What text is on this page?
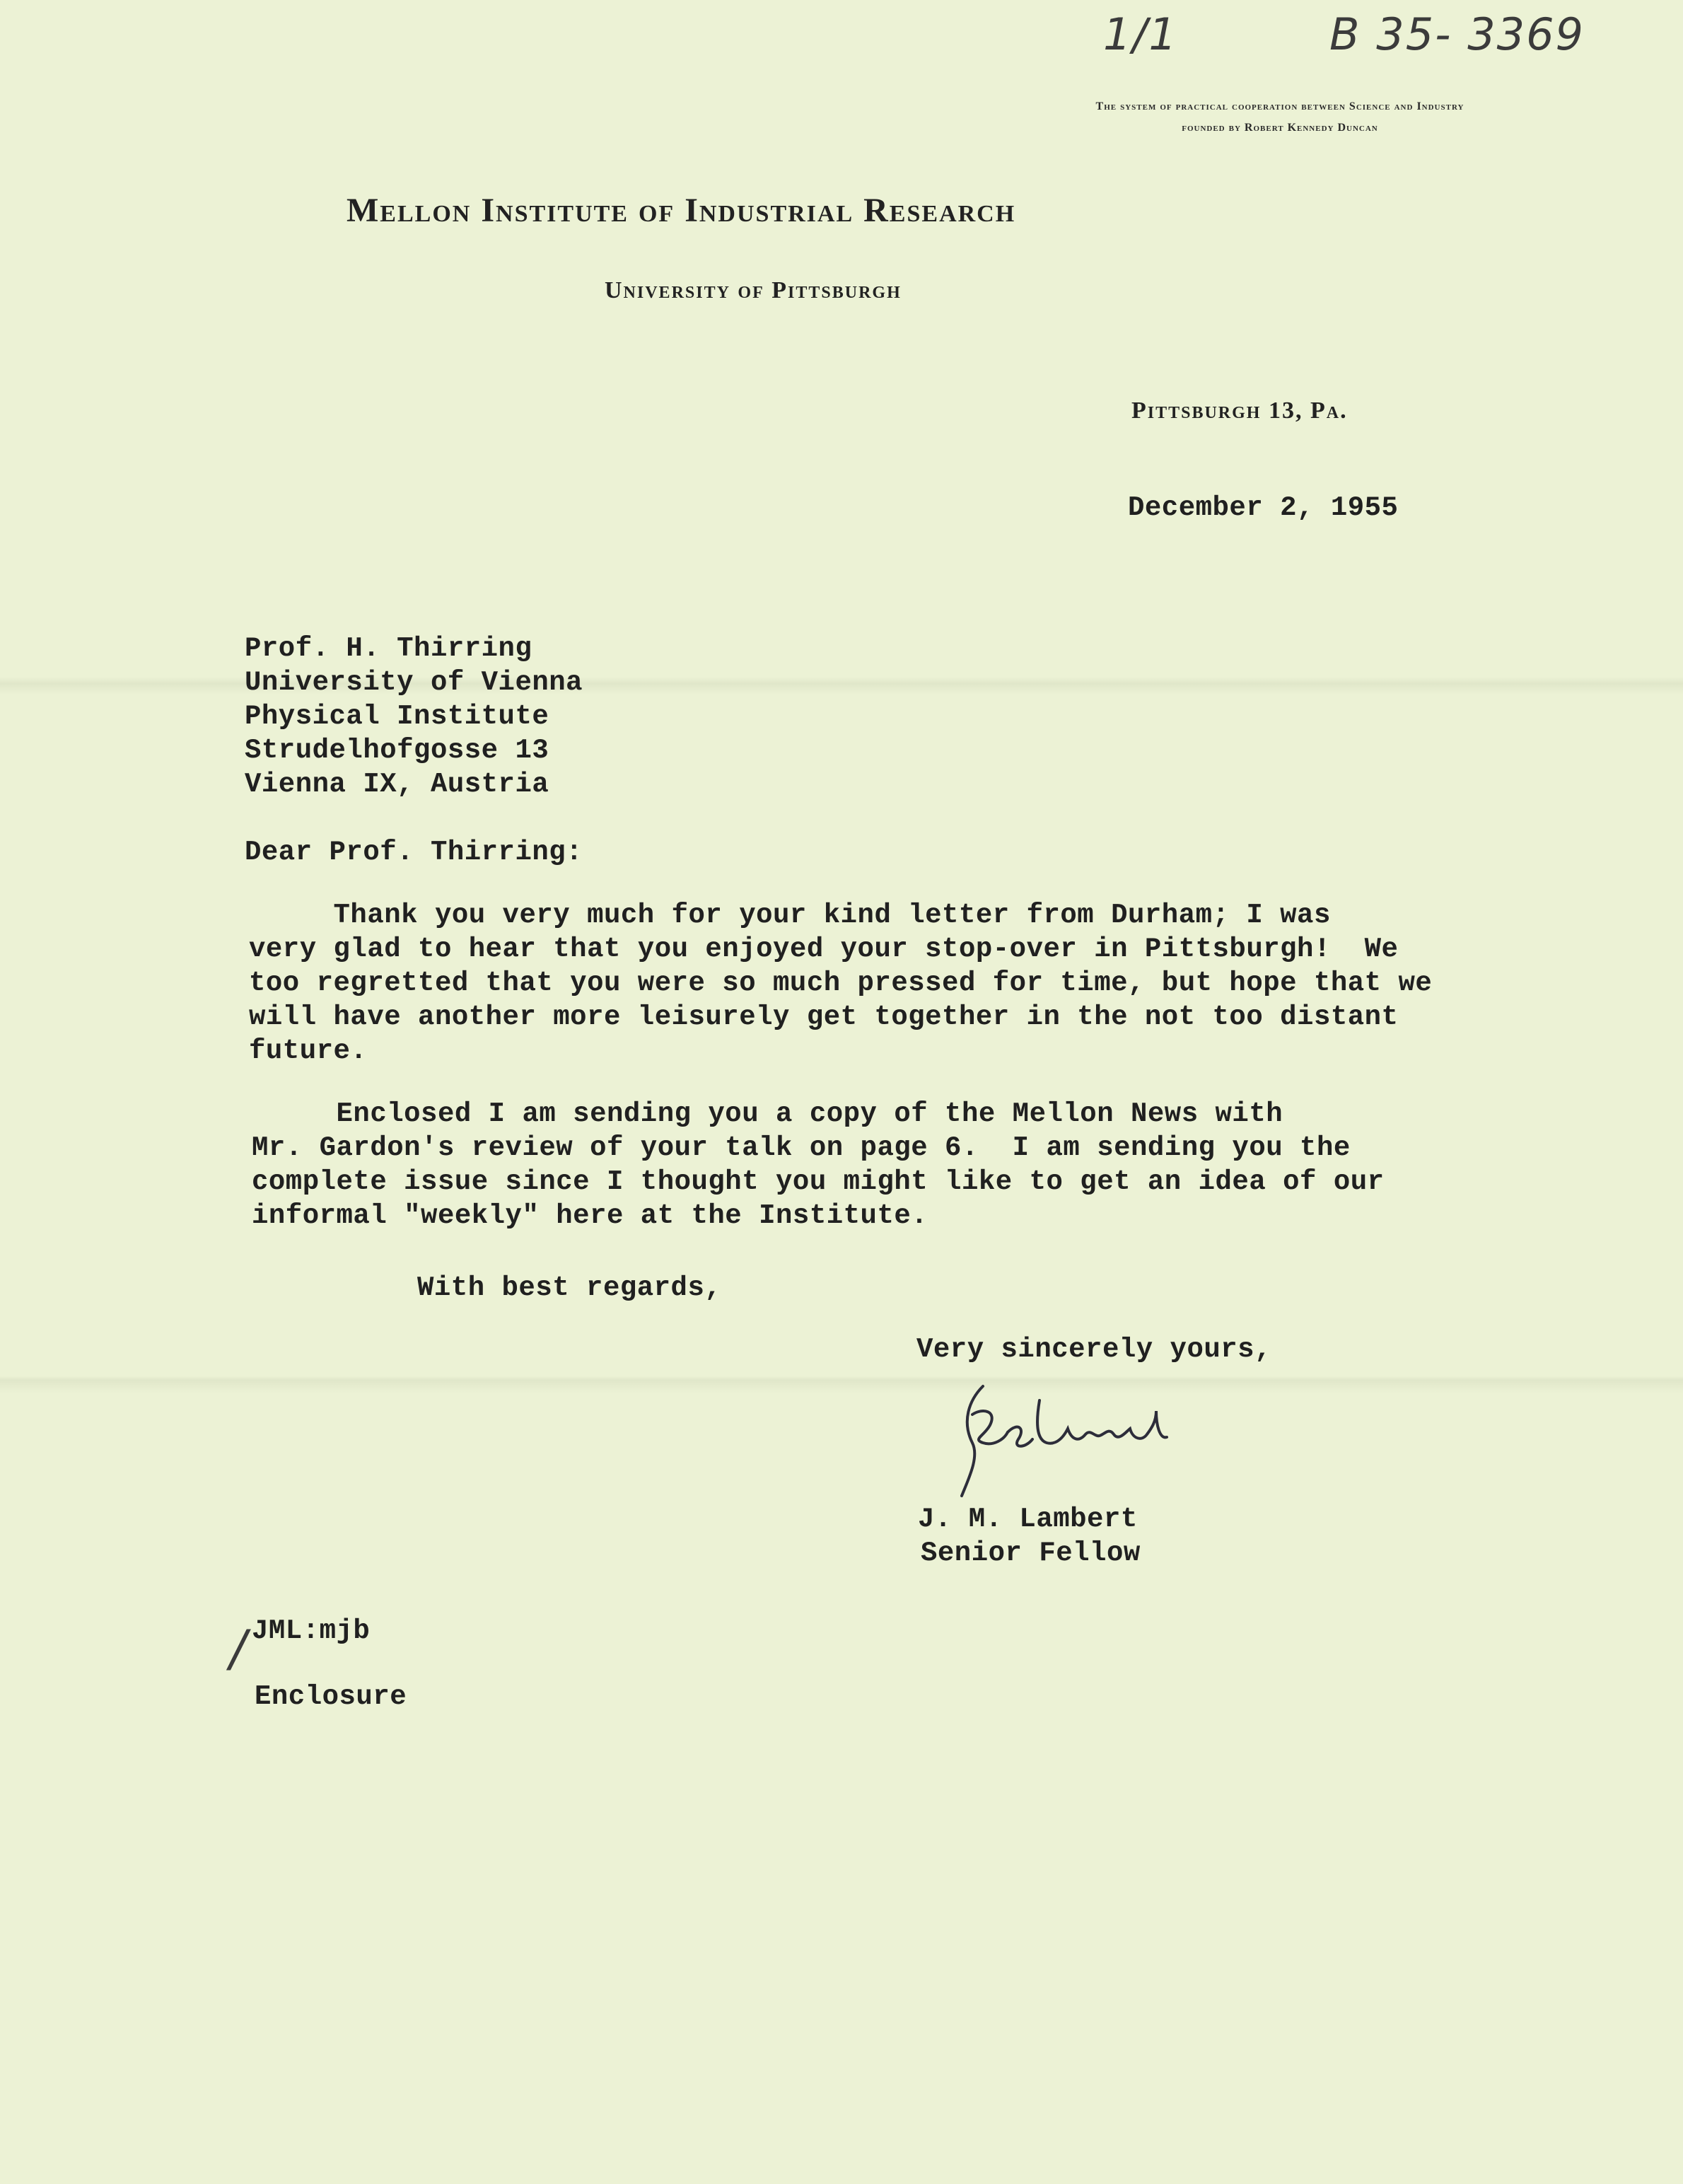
1/1	B 35- 3369
The system of practical cooperation between Science and Industry
founded by Robert Kennedy Duncan
Mellon Institute of Industrial Research
University of Pittsburgh
Pittsburgh 13, Pa.
December 2, 1955
Prof. H. Thirring
University of Vienna
Physical Institute
Strudelhofgosse 13
Vienna IX, Austria
Dear Prof. Thirring:
Thank you very much for your kind letter from Durham; I was
very glad to hear that you enjoyed your stop-over in Pittsburgh!  We
too regretted that you were so much pressed for time, but hope that we
will have another more leisurely get together in the not too distant
future.
Enclosed I am sending you a copy of the Mellon News with
Mr. Gardon's review of your talk on page 6.  I am sending you the
complete issue since I thought you might like to get an idea of our
informal "weekly" here at the Institute.
With best regards,
Very sincerely yours,
J. M. Lambert
Senior Fellow
/ JML:mjb
Enclosure
